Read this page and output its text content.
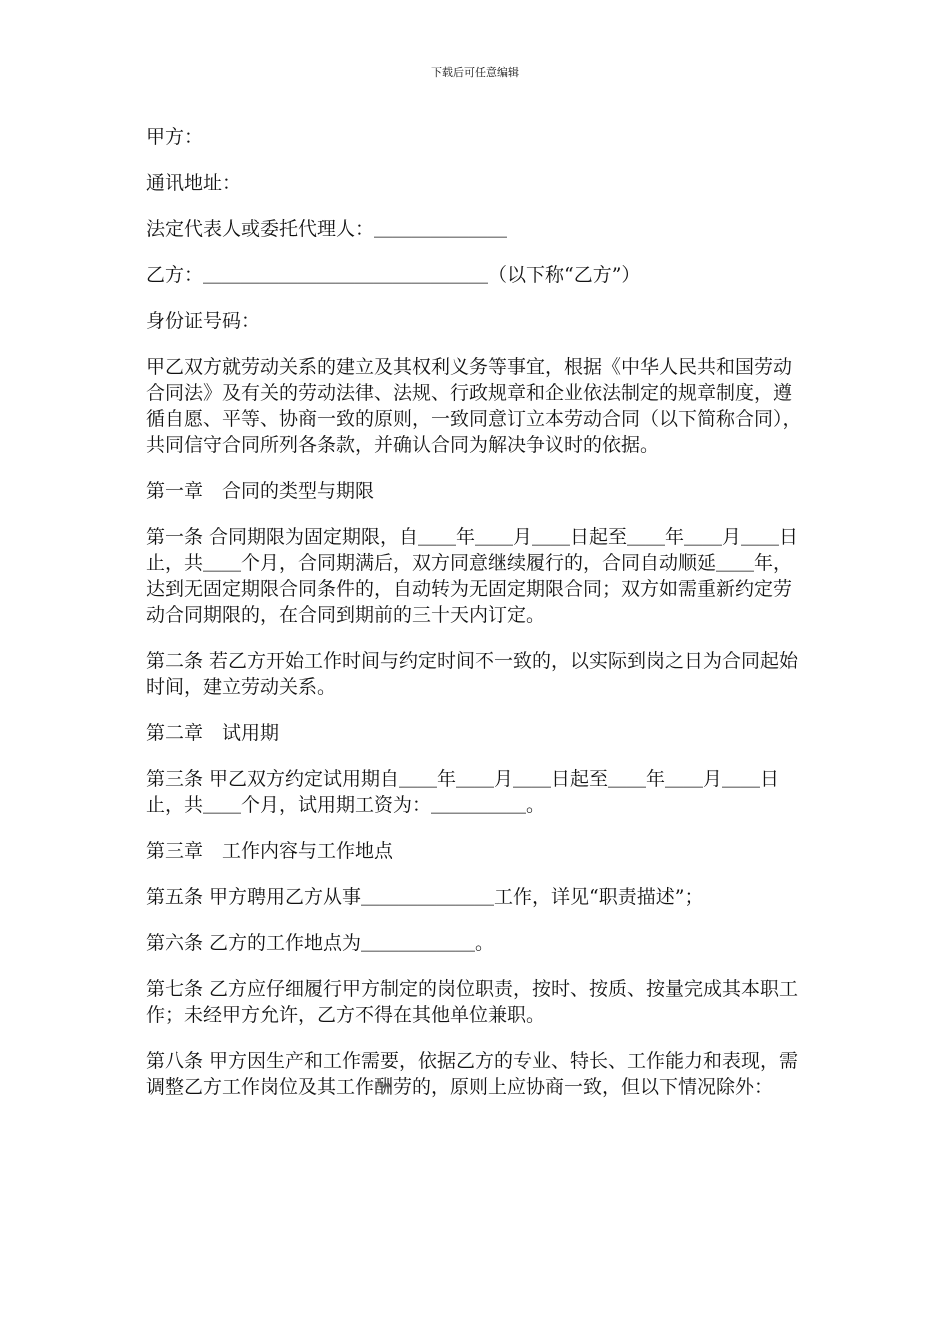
下载后可任意编辑

甲方：

通讯地址：

法定代表人或委托代理人：＿＿＿＿＿＿＿

乙方：＿＿＿＿＿＿＿＿＿＿＿＿＿＿＿（以下称“乙方”）

身份证号码：

甲乙双方就劳动关系的建立及其权利义务等事宜，根据《中华人民共和国劳动合同法》及有关的劳动法律、法规、行政规章和企业依法制定的规章制度，遵循自愿、平等、协商一致的原则，一致同意订立本劳动合同（以下简称合同），共同信守合同所列各条款，并确认合同为解决争议时的依据。

第一章　合同的类型与期限

第一条 合同期限为固定期限，自＿＿年＿＿月＿＿日起至＿＿年＿＿月＿＿日止，共＿＿个月，合同期满后，双方同意继续履行的，合同自动顺延＿＿年，达到无固定期限合同条件的，自动转为无固定期限合同；双方如需重新约定劳动合同期限的，在合同到期前的三十天内订定。

第二条 若乙方开始工作时间与约定时间不一致的，以实际到岗之日为合同起始时间，建立劳动关系。

第二章　试用期

第三条 甲乙双方约定试用期自＿＿年＿＿月＿＿日起至＿＿年＿＿月＿＿日止，共＿＿个月，试用期工资为：＿＿＿＿＿。

第三章　工作内容与工作地点

第五条 甲方聘用乙方从事＿＿＿＿＿＿＿工作，详见“职责描述”；

第六条 乙方的工作地点为＿＿＿＿＿＿。

第七条 乙方应仔细履行甲方制定的岗位职责，按时、按质、按量完成其本职工作；未经甲方允许，乙方不得在其他单位兼职。

第八条 甲方因生产和工作需要，依据乙方的专业、特长、工作能力和表现，需调整乙方工作岗位及其工作酬劳的，原则上应协商一致，但以下情况除外：
